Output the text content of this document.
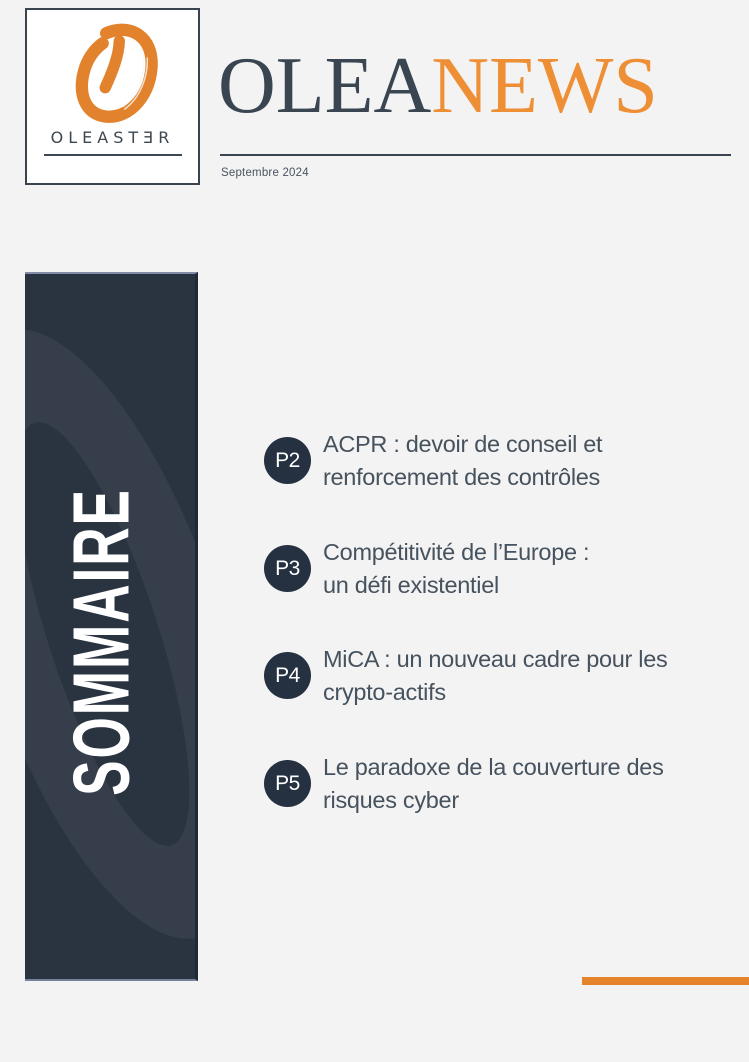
OLEASTƎR
OLEANEWS
Septembre 2024
SOMMAIRE
P2
ACPR : devoir de conseil et
renforcement des contrôles
P3
Compétitivité de l’Europe :
un défi existentiel
P4
MiCA : un nouveau cadre pour les
crypto-actifs
P5
Le paradoxe de la couverture des
risques cyber
